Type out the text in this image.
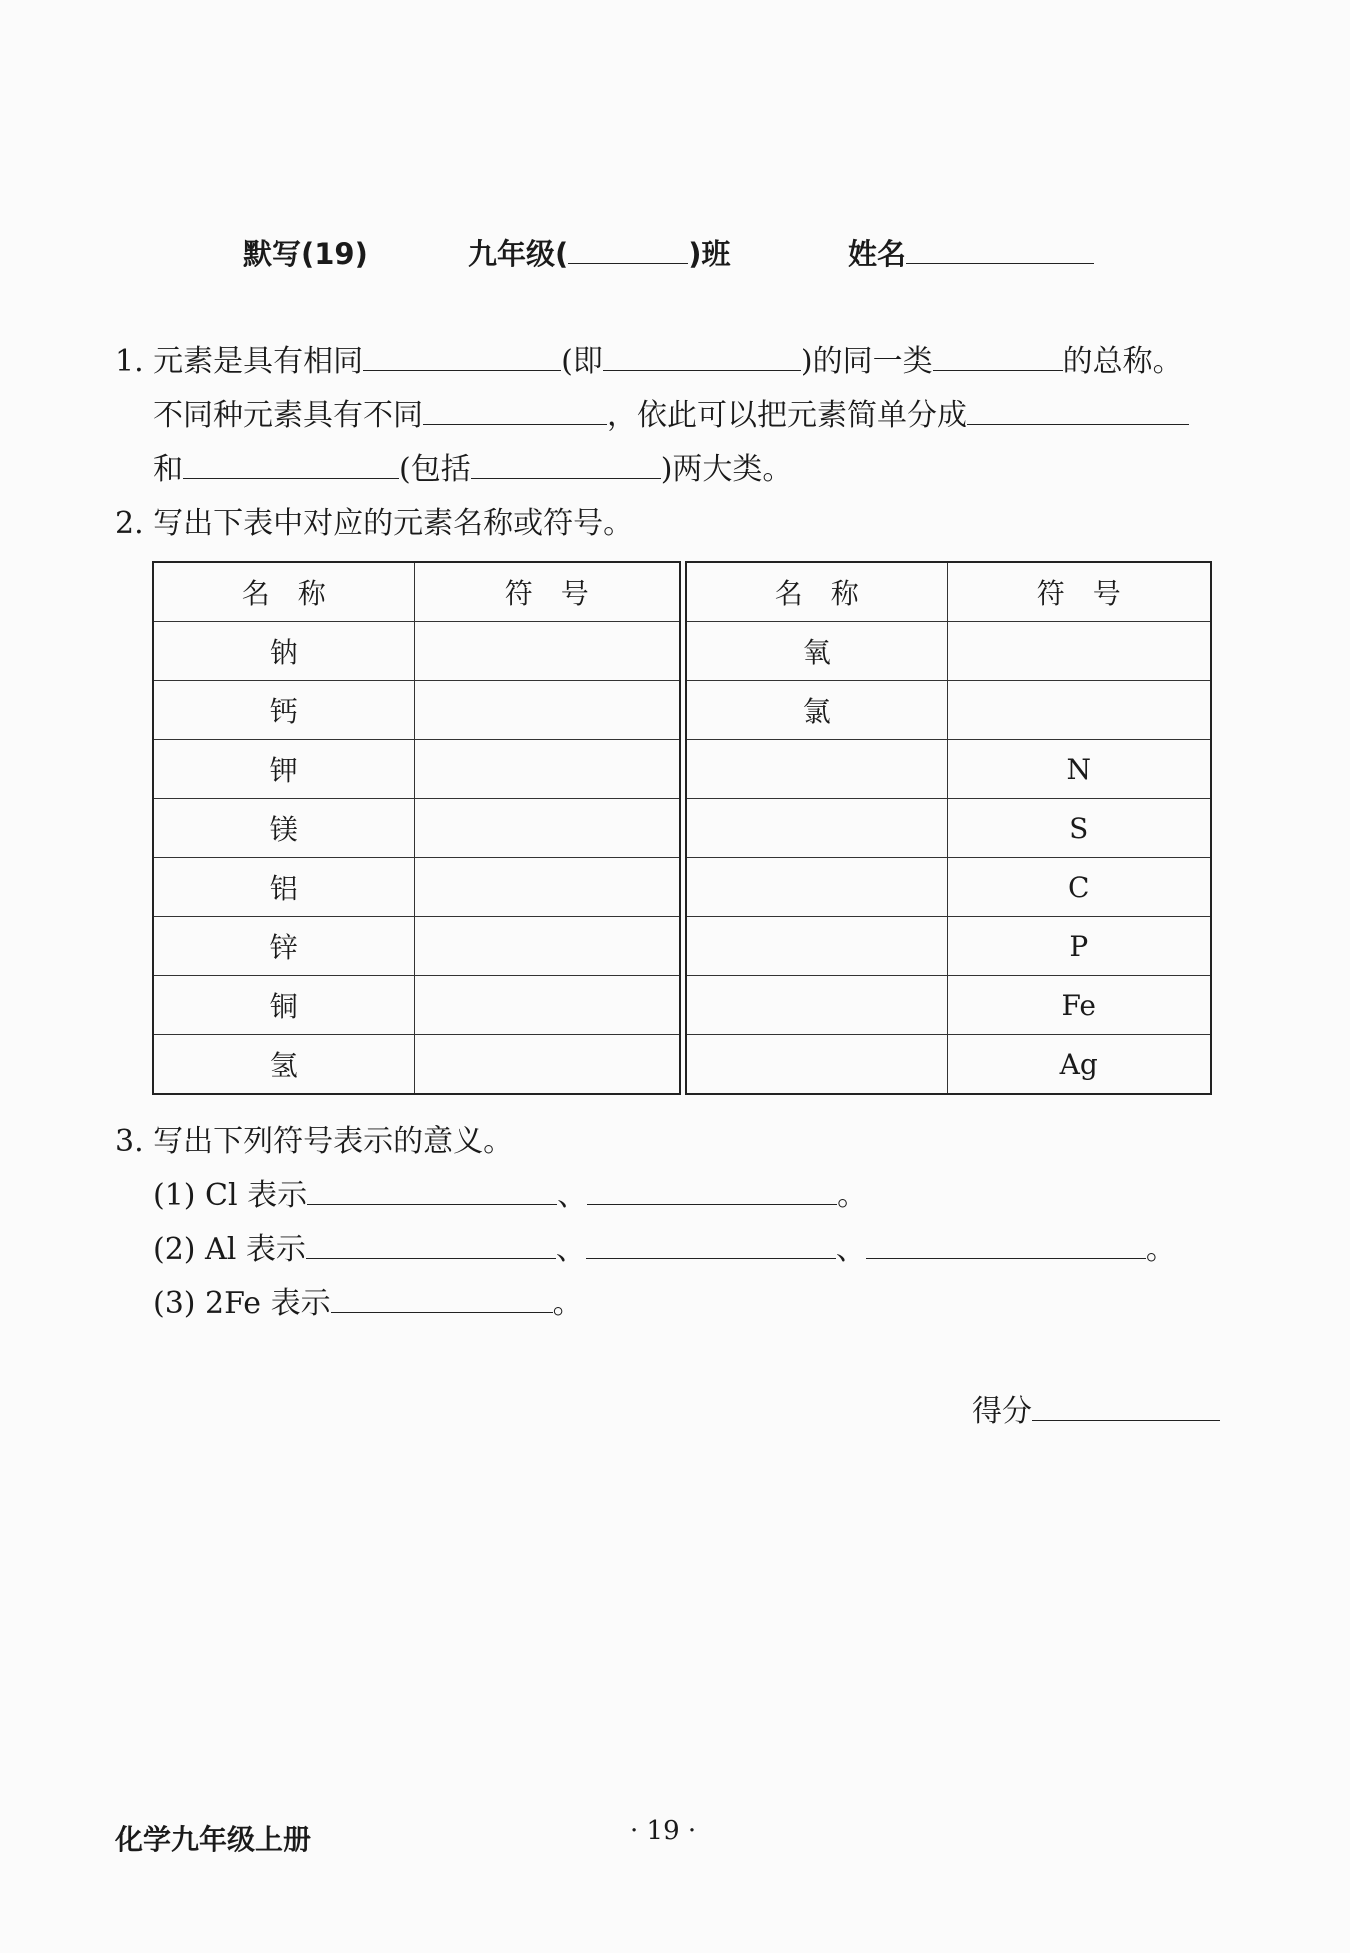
默写(19)	九年级(	)班	姓名
1. 元素是具有相同	(即	)的同一类	的总称。
不同种元素具有不同	，依此可以把元素简单分成
和	(包括	)两大类。
2. 写出下表中对应的元素名称或符号。
名称	符号
钠	
钙	
钾	
镁	
铝	
锌	
铜	
氢	
名称	符号
氧	
氯	
	N
	S
	C
	P
	Fe
	Ag
3. 写出下列符号表示的意义。
(1) Cl 表示	、	。
(2) Al 表示	、	、	。
(3) 2Fe 表示	。
得分
化学九年级上册	· 19 ·
